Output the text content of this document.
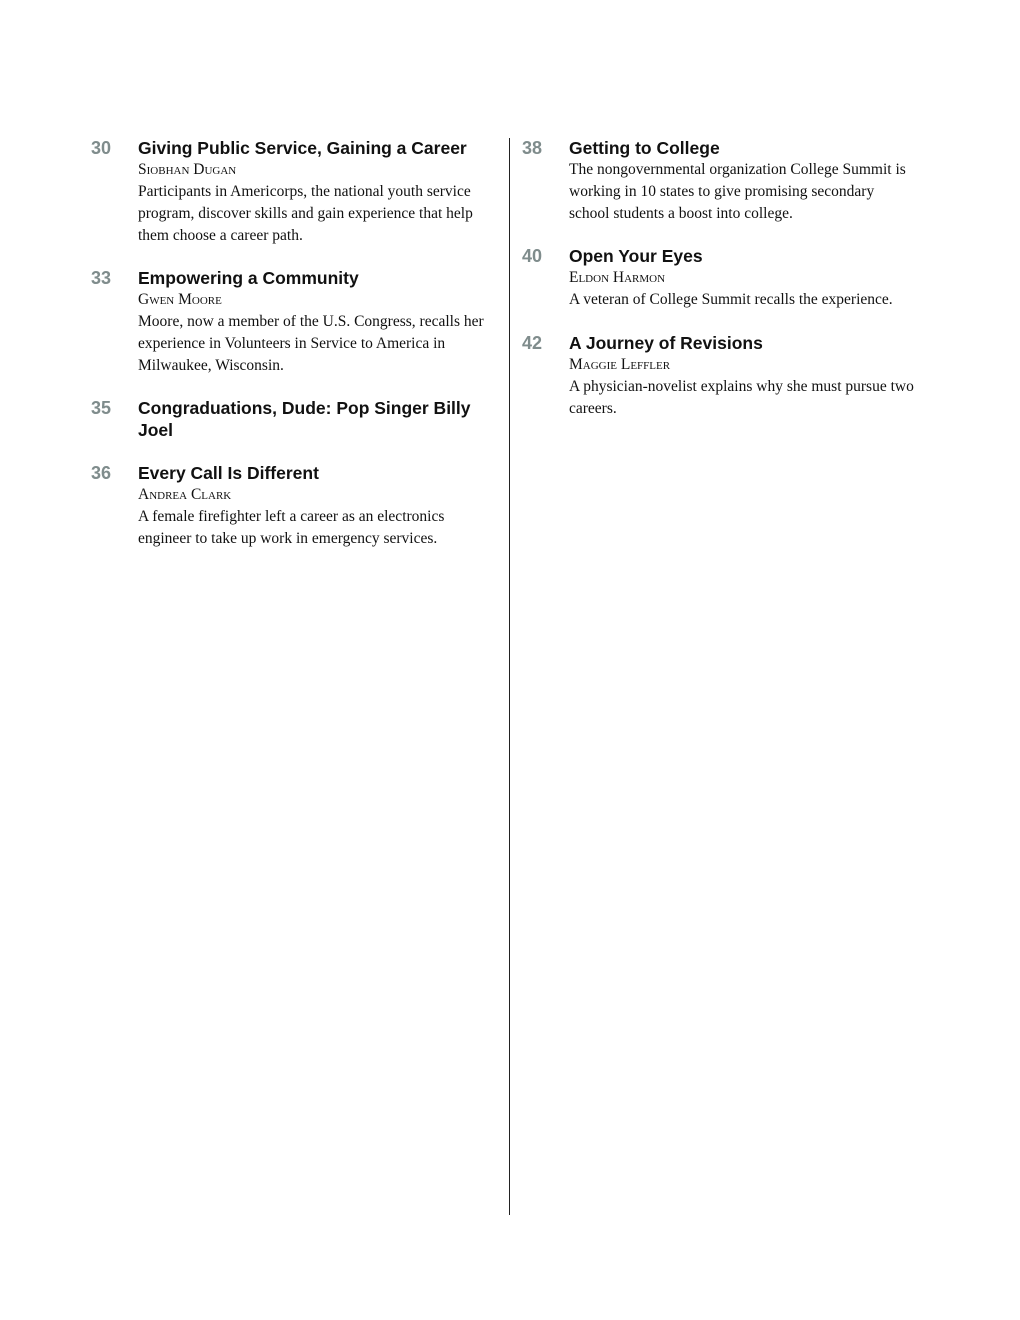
30 Giving Public Service, Gaining a Career
Siobhan Dugan
Participants in Americorps, the national youth service program, discover skills and gain experience that help them choose a career path.
33 Empowering a Community
Gwen Moore
Moore, now a member of the U.S. Congress, recalls her experience in Volunteers in Service to America in Milwaukee, Wisconsin.
35 Congraduations, Dude: Pop Singer Billy Joel
36 Every Call Is Different
Andrea Clark
A female firefighter left a career as an electronics engineer to take up work in emergency services.
38 Getting to College
The nongovernmental organization College Summit is working in 10 states to give promising secondary school students a boost into college.
40 Open Your Eyes
Eldon Harmon
A veteran of College Summit recalls the experience.
42 A Journey of Revisions
Maggie Leffler
A physician-novelist explains why she must pursue two careers.
